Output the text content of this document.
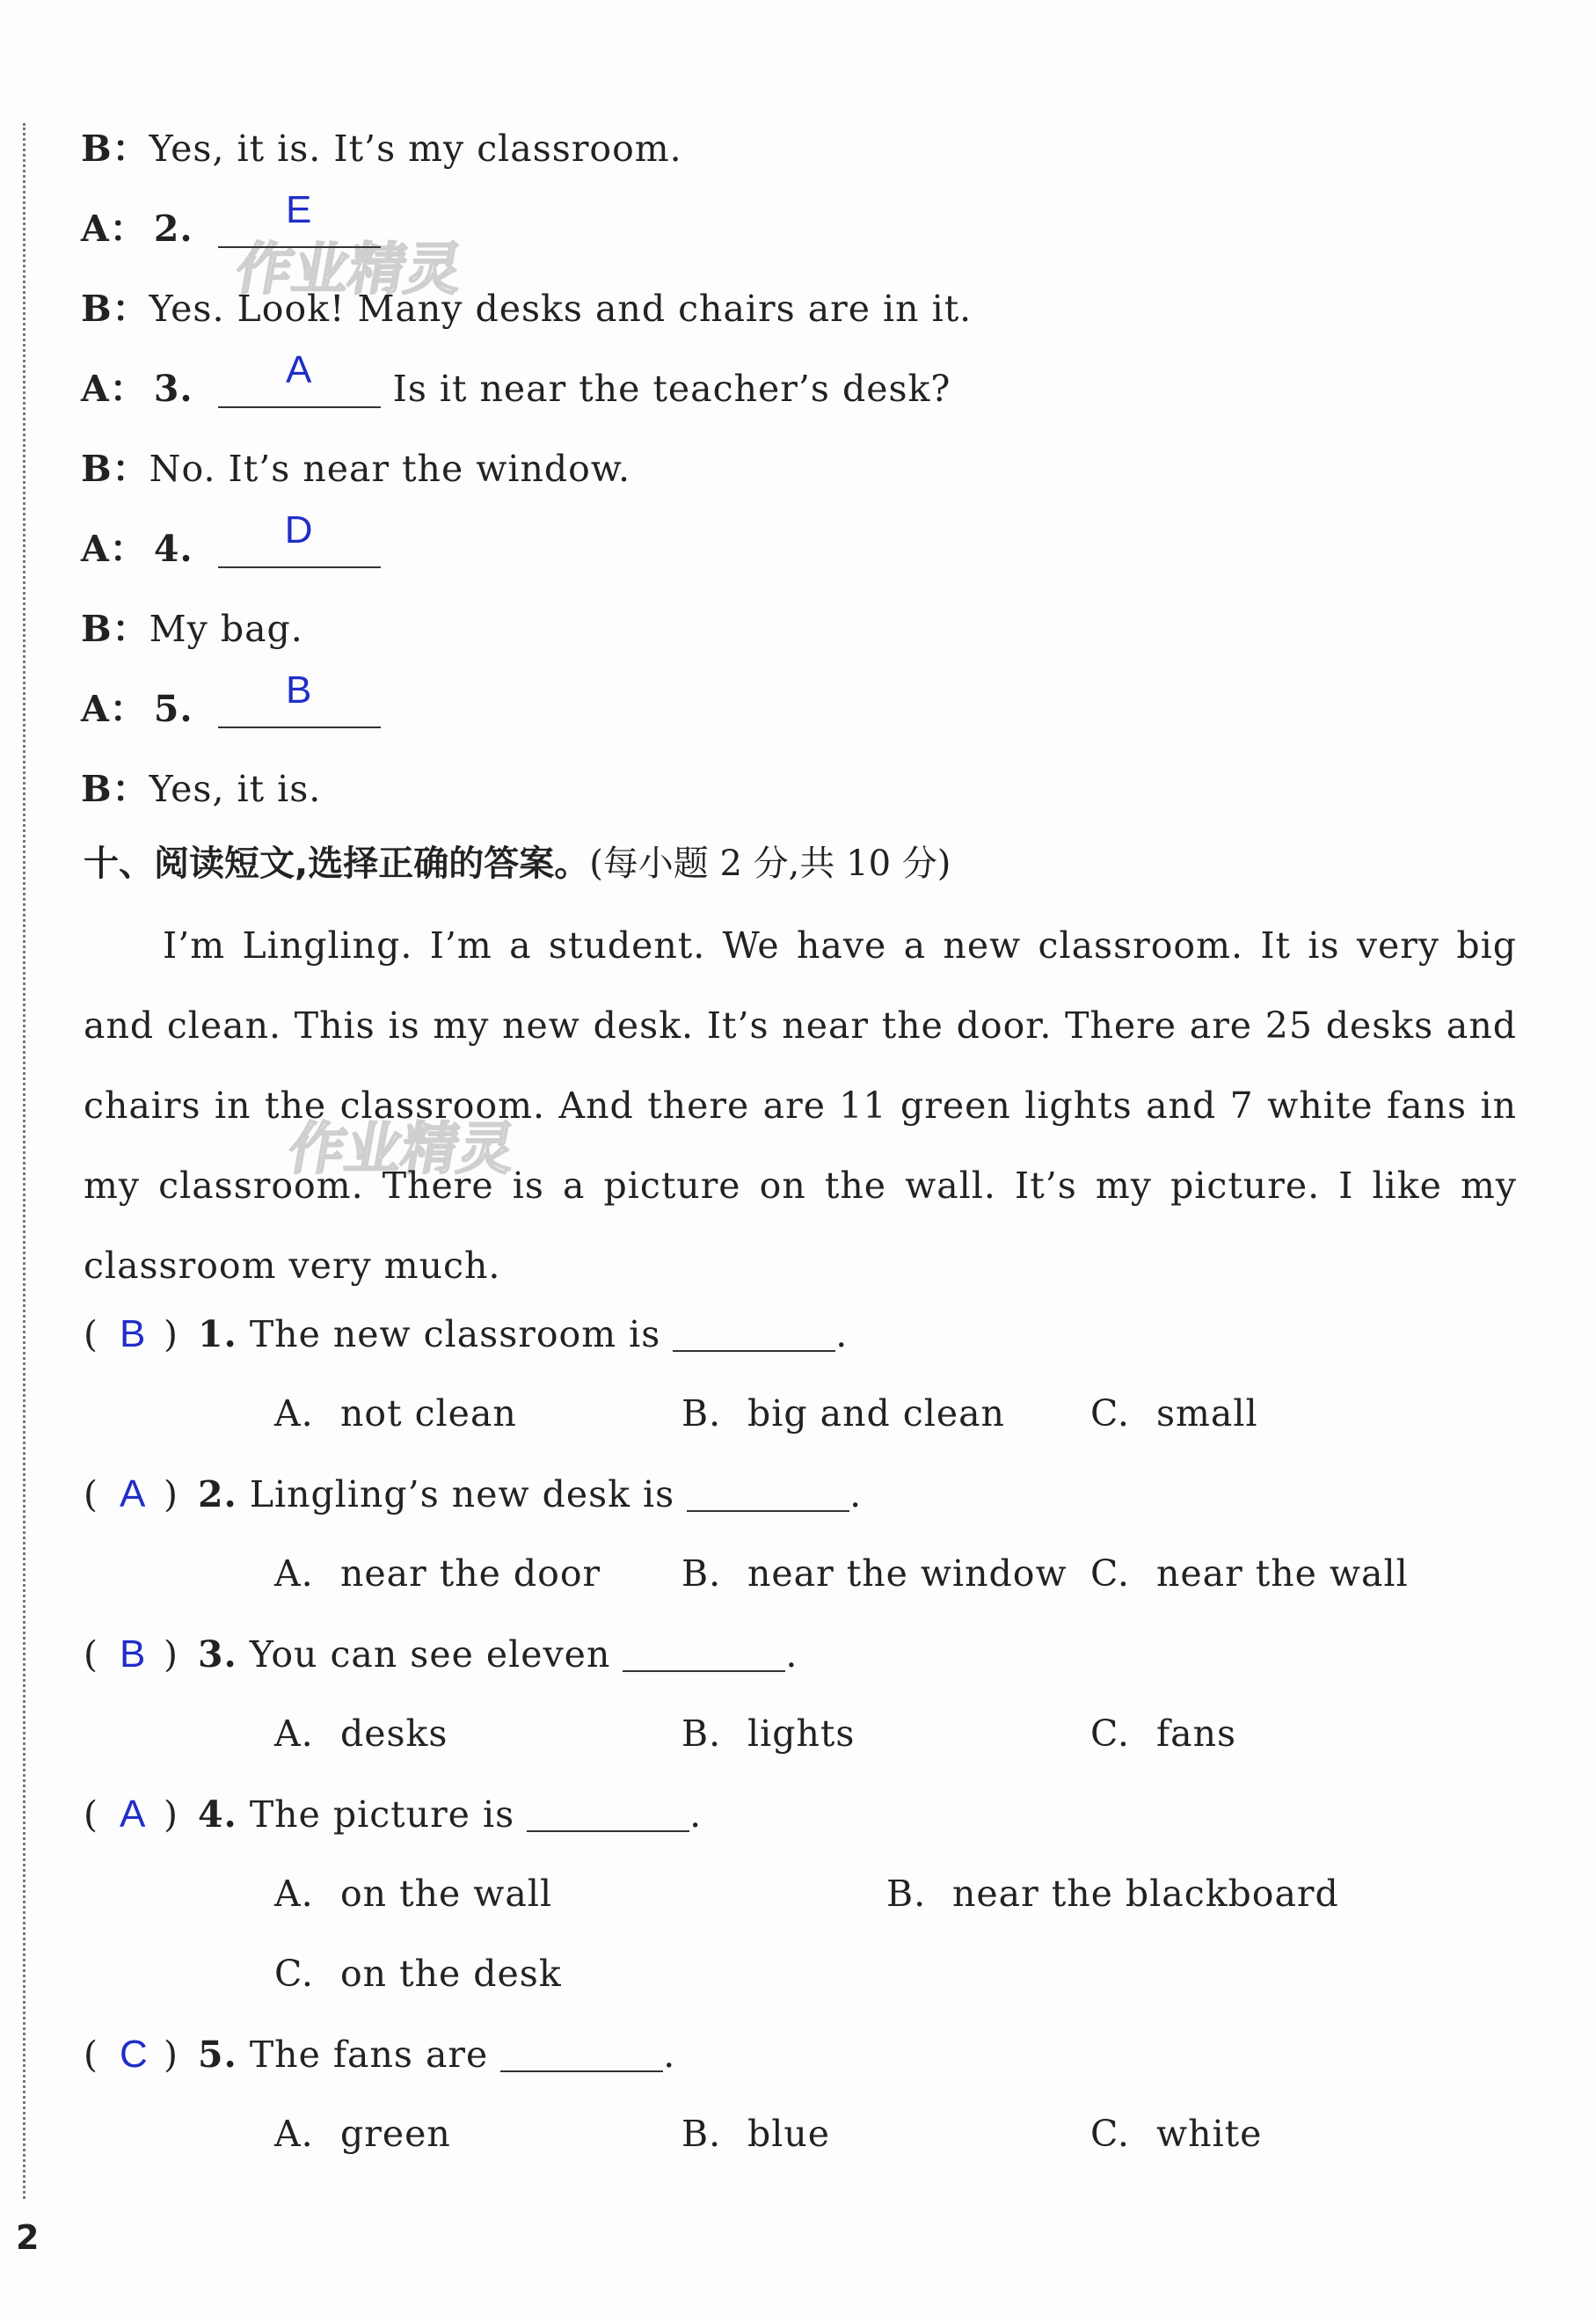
作业精灵
作业精灵
B：Yes, it is. It’s my classroom.
A： 2.	E
B：Yes. Look! Many desks and chairs are in it.
A： 3.	A	Is it near the teacher’s desk?
B：No. It’s near the window.
A： 4.	D
B：My bag.
A： 5.	B
B：Yes, it is.
十、阅读短文,选择正确的答案。(每小题 2 分,共 10 分)

I’m Lingling. I’m a student. We have a new classroom. It is very big and clean. This is my new desk. It’s near the door. There are 25 desks and chairs in the classroom. And there are 11 green lights and 7 white fans in my classroom. There is a picture on the wall. It’s my picture. I like my classroom very much.

( B ) 1. The new classroom is	.
A. not clean	B. big and clean C. small
( A ) 2. Lingling’s new desk is	.
A. near the door B. near the window C. near the wall
( B ) 3. You can see eleven	.
A. desks	B. lights	C. fans
( A ) 4. The picture is	.
A. on the wall	B. near the blackboard
C. on the desk
( C ) 5. The fans are	.
A. green	B. blue	C. white
2
